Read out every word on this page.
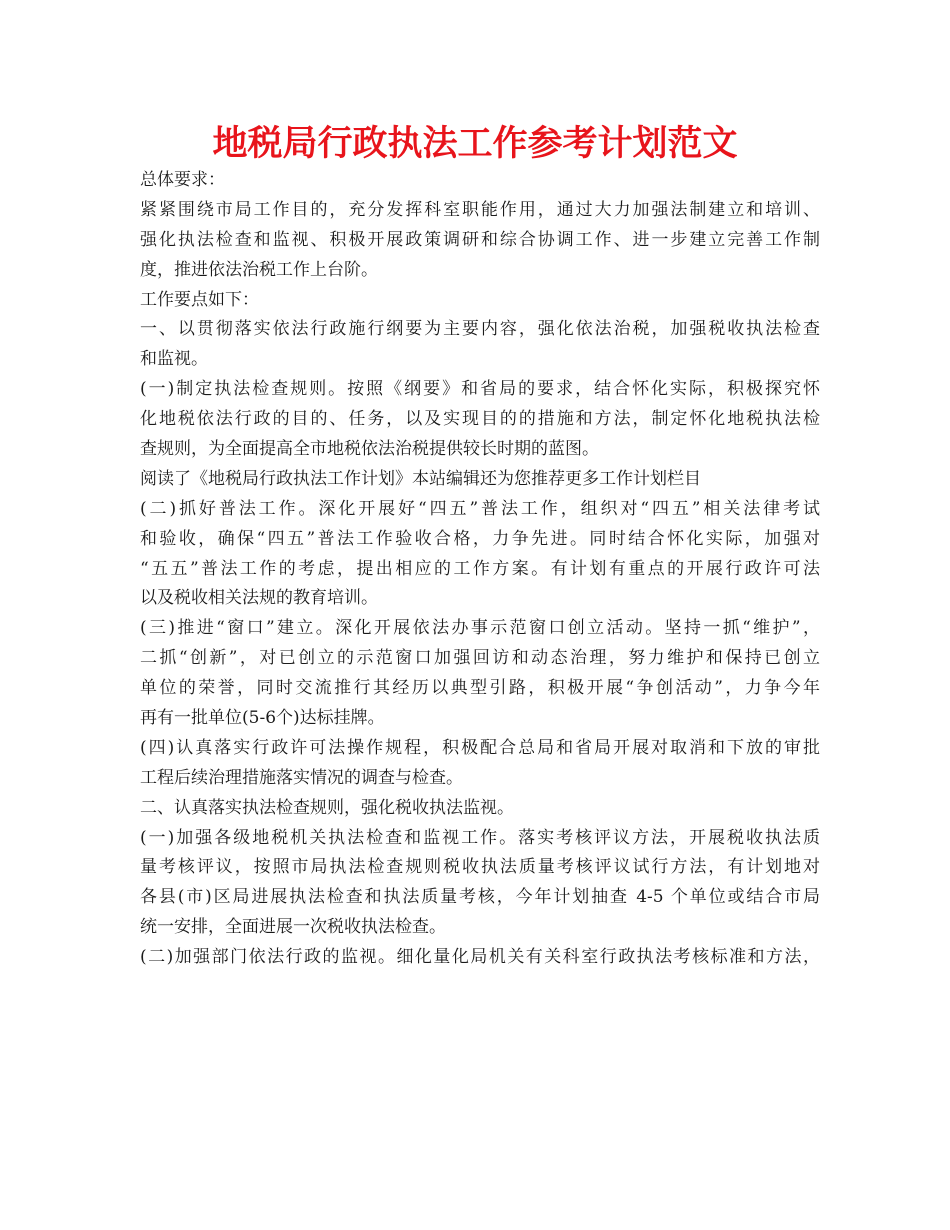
地税局行政执法工作参考计划范文
总体要求：
紧紧围绕市局工作目的，充分发挥科室职能作用，通过大力加强法制建立和培训、
强化执法检查和监视、积极开展政策调研和综合协调工作、进一步建立完善工作制
度，推进依法治税工作上台阶。
工作要点如下：
一、以贯彻落实依法行政施行纲要为主要内容，强化依法治税，加强税收执法检查
和监视。
(一)制定执法检查规则。按照《纲要》和省局的要求，结合怀化实际，积极探究怀
化地税依法行政的目的、任务，以及实现目的的措施和方法，制定怀化地税执法检
查规则，为全面提高全市地税依法治税提供较长时期的蓝图。
阅读了《地税局行政执法工作计划》本站编辑还为您推荐更多工作计划栏目
(二)抓好普法工作。深化开展好“四五”普法工作，组织对“四五”相关法律考试
和验收，确保“四五”普法工作验收合格，力争先进。同时结合怀化实际，加强对
“五五”普法工作的考虑，提出相应的工作方案。有计划有重点的开展行政许可法
以及税收相关法规的教育培训。
(三)推进“窗口”建立。深化开展依法办事示范窗口创立活动。坚持一抓“维护”，
二抓“创新”，对已创立的示范窗口加强回访和动态治理，努力维护和保持已创立
单位的荣誉，同时交流推行其经历以典型引路，积极开展“争创活动”，力争今年
再有一批单位(5-6个)达标挂牌。
(四)认真落实行政许可法操作规程，积极配合总局和省局开展对取消和下放的审批
工程后续治理措施落实情况的调查与检查。
二、认真落实执法检查规则，强化税收执法监视。
(一)加强各级地税机关执法检查和监视工作。落实考核评议方法，开展税收执法质
量考核评议，按照市局执法检查规则税收执法质量考核评议试行方法，有计划地对
各县(市)区局进展执法检查和执法质量考核，今年计划抽查 4-5 个单位或结合市局
统一安排，全面进展一次税收执法检查。
(二)加强部门依法行政的监视。细化量化局机关有关科室行政执法考核标准和方法，
